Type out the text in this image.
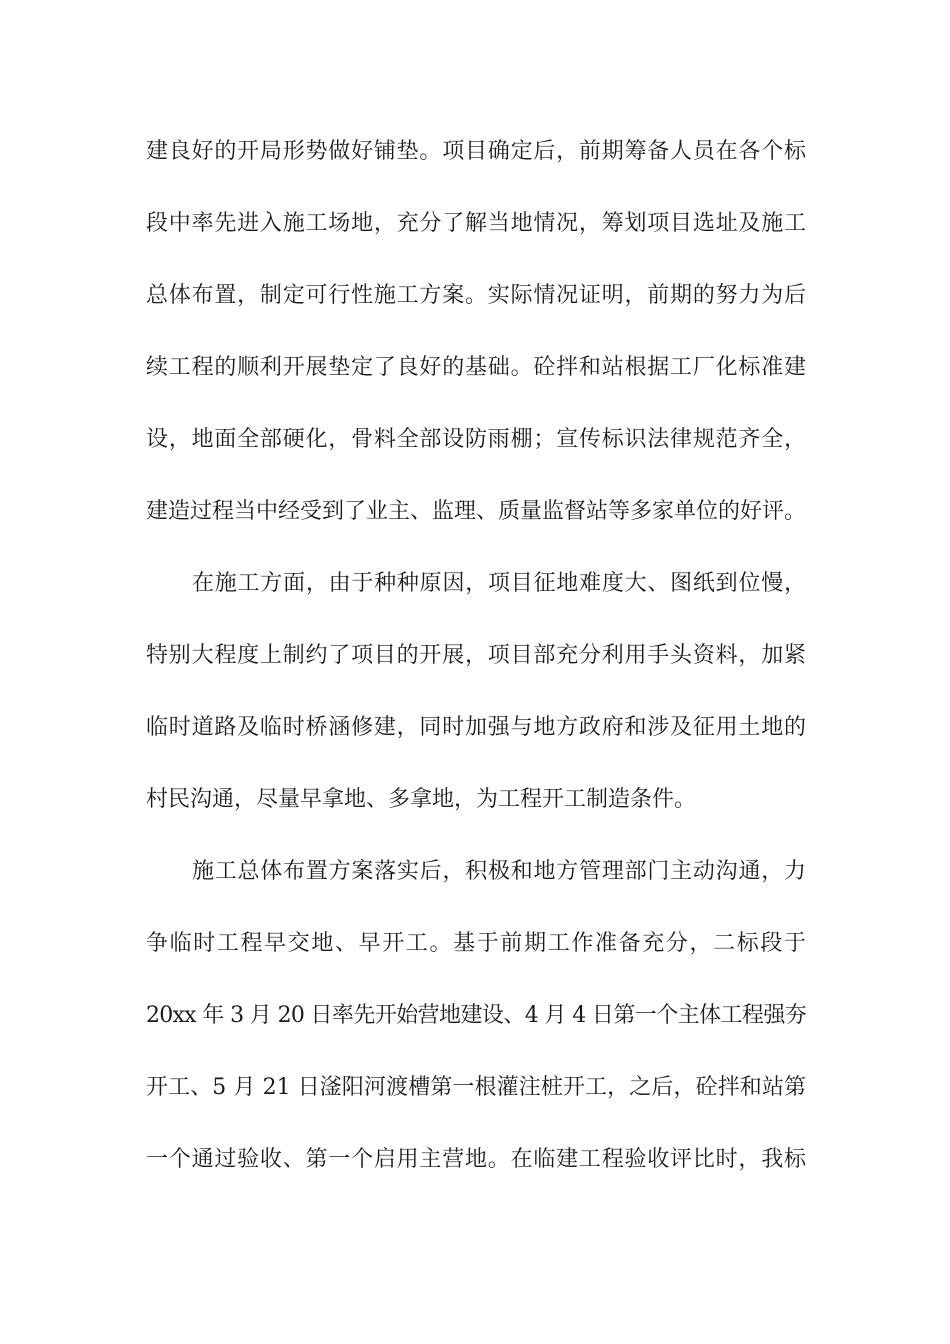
建良好的开局形势做好铺垫。项目确定后，前期筹备人员在各个标
段中率先进入施工场地，充分了解当地情况，筹划项目选址及施工
总体布置，制定可行性施工方案。实际情况证明，前期的努力为后
续工程的顺利开展垫定了良好的基础。砼拌和站根据工厂化标准建
设，地面全部硬化，骨料全部设防雨棚；宣传标识法律规范齐全，
建造过程当中经受到了业主、监理、质量监督站等多家单位的好评。
在施工方面，由于种种原因，项目征地难度大、图纸到位慢，
特别大程度上制约了项目的开展，项目部充分利用手头资料，加紧
临时道路及临时桥涵修建，同时加强与地方政府和涉及征用土地的
村民沟通，尽量早拿地、多拿地，为工程开工制造条件。
施工总体布置方案落实后，积极和地方管理部门主动沟通，力
争临时工程早交地、早开工。基于前期工作准备充分，二标段于
20xx 年 3 月 20 日率先开始营地建设、4 月 4 日第一个主体工程强夯
开工、5 月 21 日滏阳河渡槽第一根灌注桩开工，之后，砼拌和站第
一个通过验收、第一个启用主营地。在临建工程验收评比时，我标
